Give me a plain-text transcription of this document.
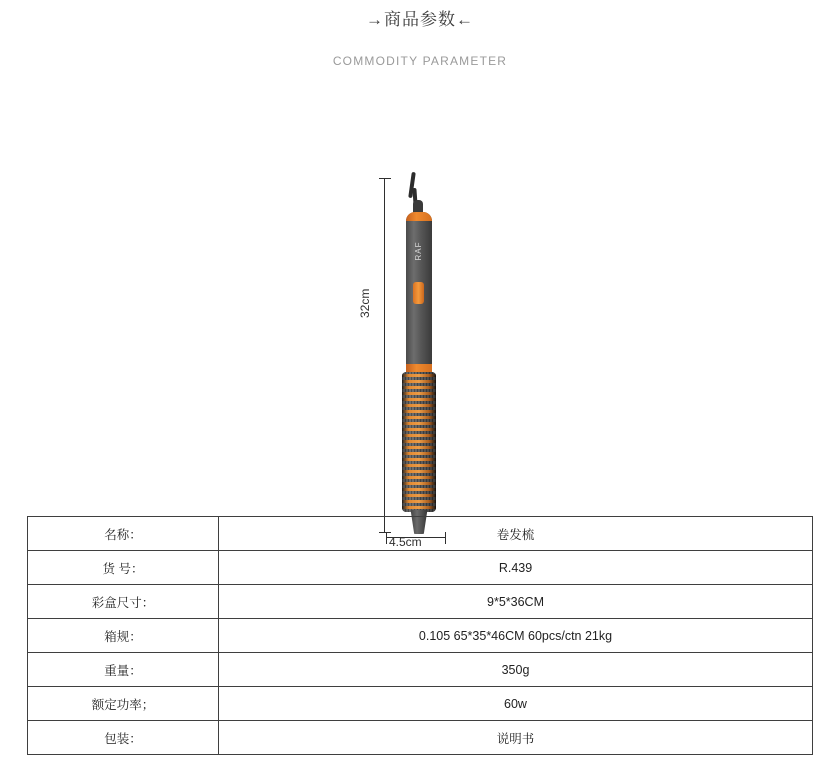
→商品参数←
COMMODITY PARAMETER
32cm
RAF
4.5cm
名称：	卷发梳
货 号：	R.439
彩盒尺寸：	9*5*36CM
箱规：	0.105 65*35*46CM 60pcs/ctn 21kg
重量：	350g
额定功率；	60w
包装：	说明书
